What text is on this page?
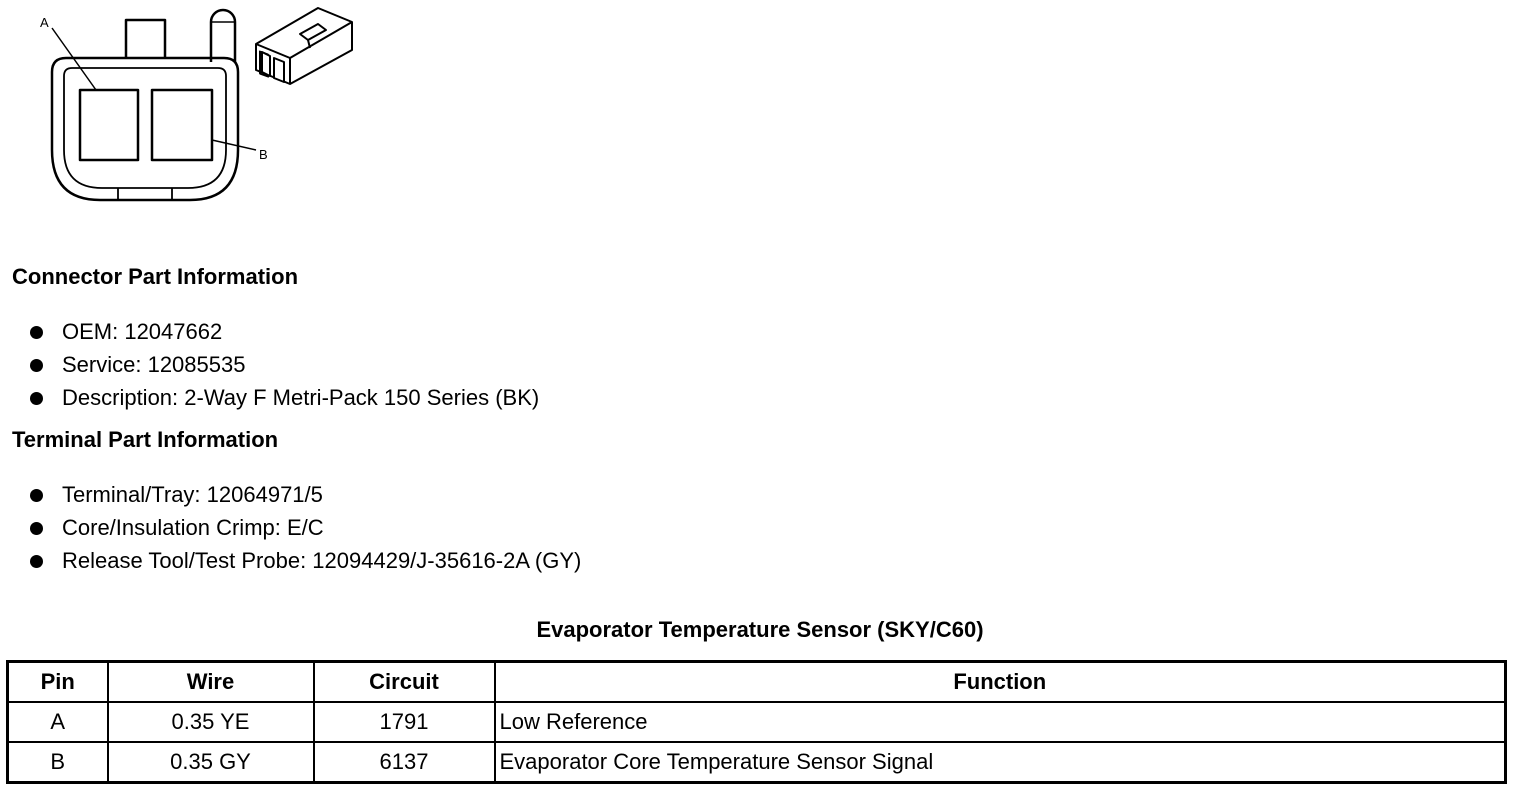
A
B
Connector Part Information
OEM: 12047662
Service: 12085535
Description: 2-Way F Metri-Pack 150 Series (BK)
Terminal Part Information
Terminal/Tray: 12064971/5
Core/Insulation Crimp: E/C
Release Tool/Test Probe: 12094429/J-35616-2A (GY)
Evaporator Temperature Sensor (SKY/C60)
Pin	Wire	Circuit	Function
A	0.35 YE	1791	Low Reference
B	0.35 GY	6137	Evaporator Core Temperature Sensor Signal
